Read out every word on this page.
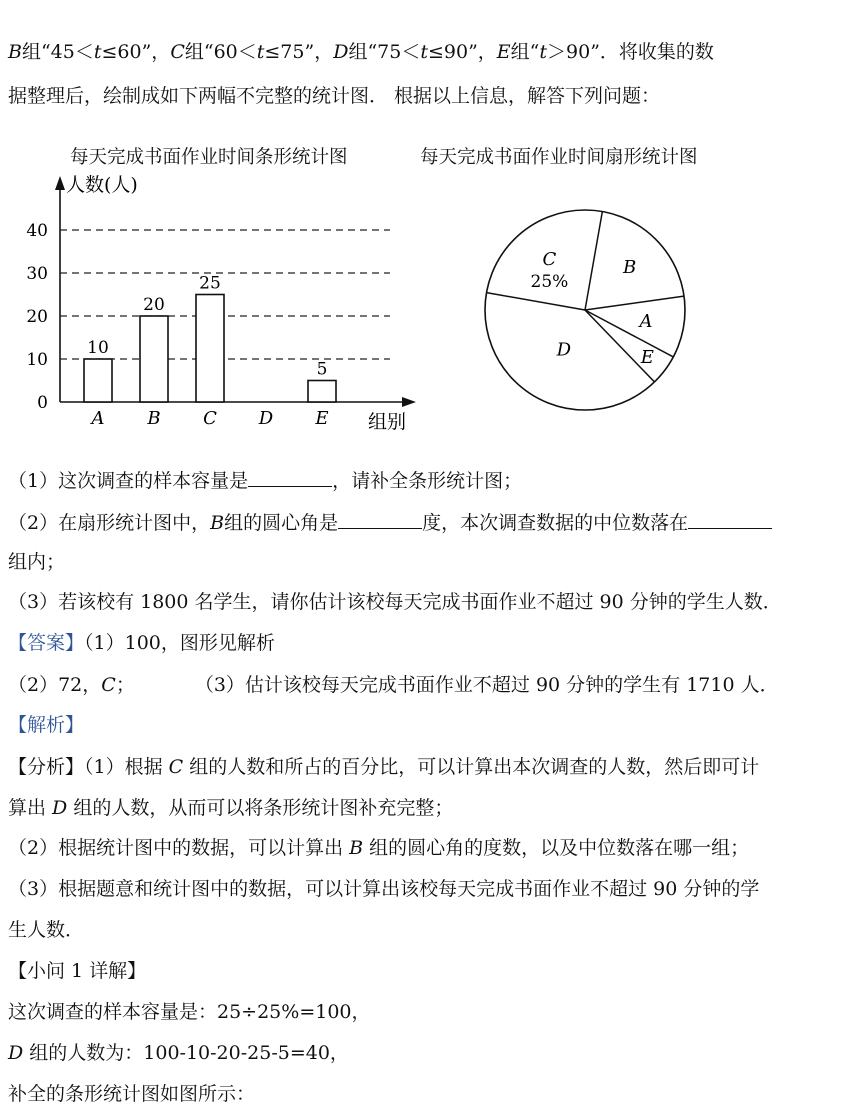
B组“45＜t≤60”，C组“60＜t≤75”，D组“75＜t≤90”，E组“t＞90”．将收集的数
据整理后，绘制成如下两幅不完整的统计图． 根据以上信息，解答下列问题：
每天完成书面作业时间条形统计图	每天完成书面作业时间扇形统计图
人数(人)
组别
0
10
20
30
40
A
10
B
20
C
25
D E
5
B
A
E
D
C
25%
（1）这次调查的样本容量是	，请补全条形统计图；
（2）在扇形统计图中，B组的圆心角是	度，本次调查数据的中位数落在
组内；
（3）若该校有 1800 名学生，请你估计该校每天完成书面作业不超过 90 分钟的学生人数．
【答案】（1）100，图形见解析
（2）72，C；	（3）估计该校每天完成书面作业不超过 90 分钟的学生有 1710 人．
【解析】
【分析】（1）根据 C 组的人数和所占的百分比，可以计算出本次调查的人数，然后即可计
算出 D 组的人数，从而可以将条形统计图补充完整；
（2）根据统计图中的数据，可以计算出 B 组的圆心角的度数，以及中位数落在哪一组；
（3）根据题意和统计图中的数据，可以计算出该校每天完成书面作业不超过 90 分钟的学
生人数．
【小问 1 详解】
这次调查的样本容量是：25÷25%=100，
D 组的人数为：100-10-20-25-5=40，
补全的条形统计图如图所示：
